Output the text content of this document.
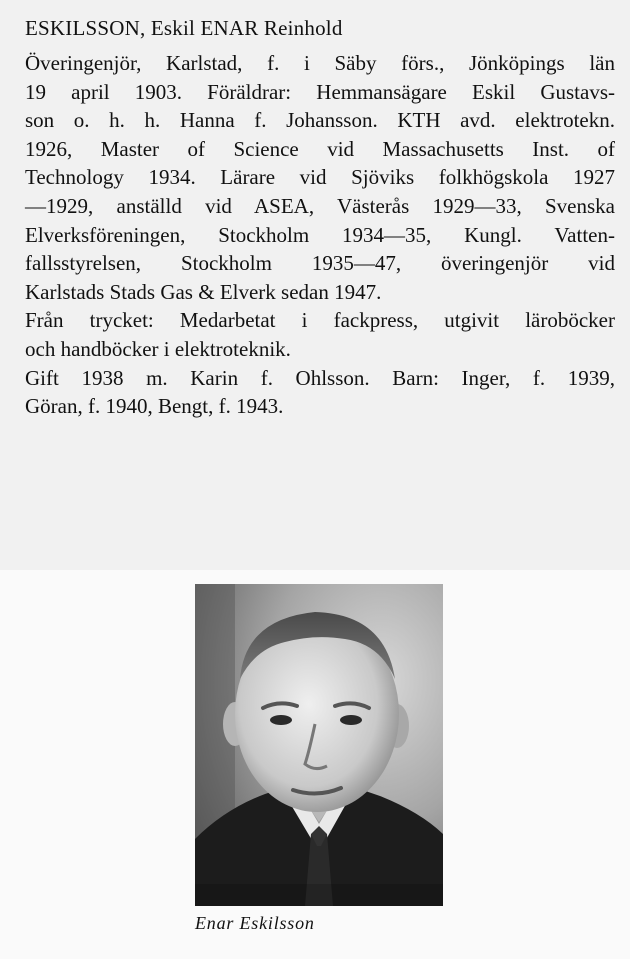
ESKILSSON, Eskil ENAR Reinhold
Överingenjör, Karlstad, f. i Säby förs., Jönköpings län
19 april 1903. Föräldrar: Hemmansägare Eskil Gustavs-
son o. h. h. Hanna f. Johansson. KTH avd. elektrotekn.
1926, Master of Science vid Massachusetts Inst. of
Technology 1934. Lärare vid Sjöviks folkhögskola 1927
—1929, anställd vid ASEA, Västerås 1929—33, Svenska
Elverksföreningen, Stockholm 1934—35, Kungl. Vatten-
fallsstyrelsen, Stockholm 1935—47, överingenjör vid
Karlstads Stads Gas & Elverk sedan 1947.
Från trycket: Medarbetat i fackpress, utgivit läroböcker
och handböcker i elektroteknik.
Gift 1938 m. Karin f. Ohlsson. Barn: Inger, f. 1939,
Göran, f. 1940, Bengt, f. 1943.
Enar Eskilsson
